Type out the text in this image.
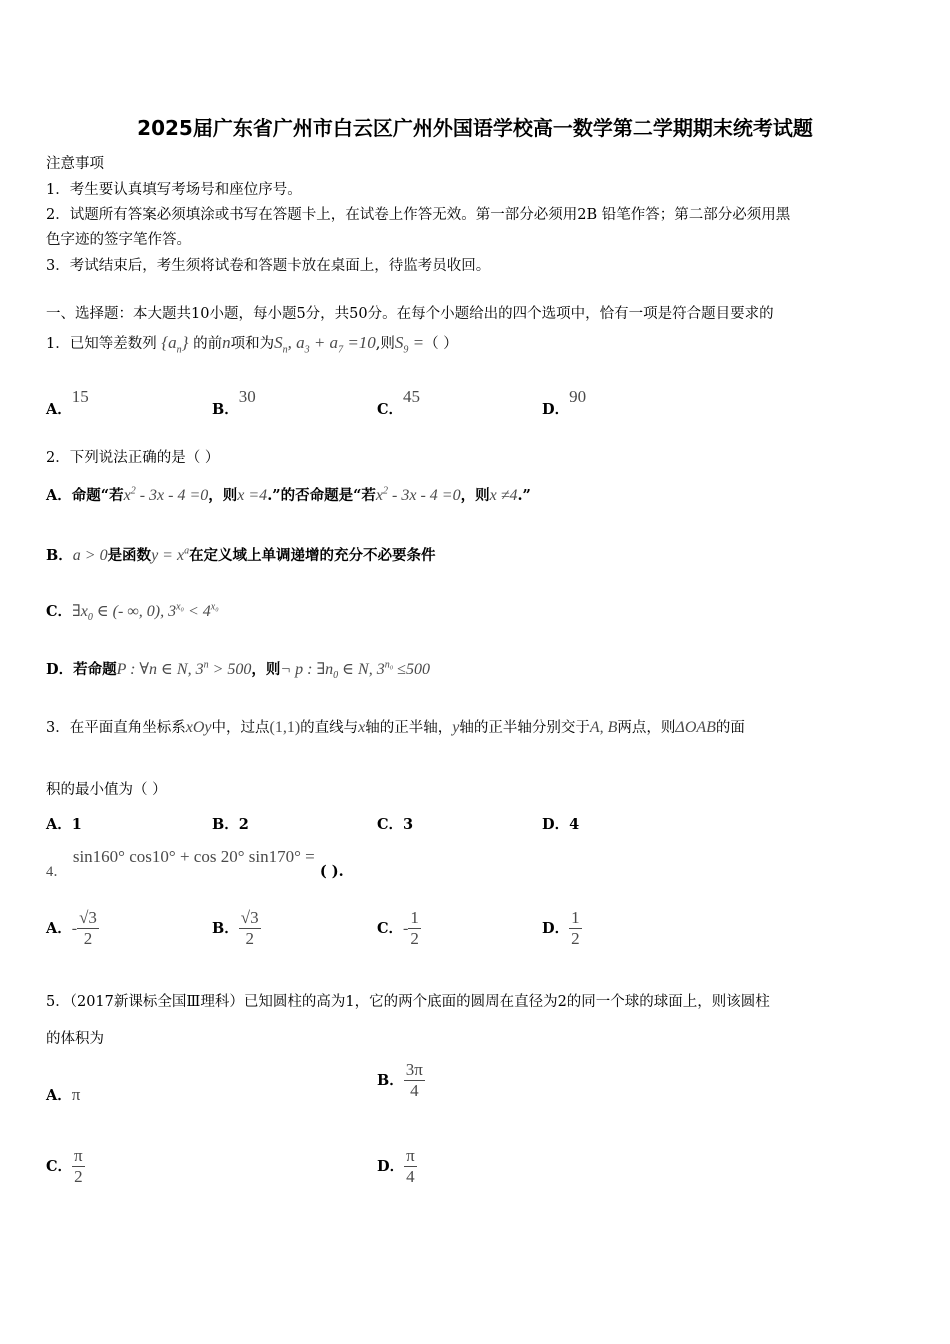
2025届广东省广州市白云区广州外国语学校高一数学第二学期期末统考试题
注意事项
1．考生要认真填写考场号和座位序号。
2．试题所有答案必须填涂或书写在答题卡上，在试卷上作答无效。第一部分必须用2B 铅笔作答；第二部分必须用黑
色字迹的签字笔作答。
3．考试结束后，考生须将试卷和答题卡放在桌面上，待监考员收回。
一、选择题：本大题共10小题，每小题5分，共50分。在每个小题给出的四个选项中，恰有一项是符合题目要求的
1．已知等差数列 $\{a_n\}$ 的前n项和为$S_n$, $a_3 + a_7 =10$,则$S_9$ =（ ）
A．15
B．30
C．45
D．90
2．下列说法正确的是（ ）
A．命题“若$x^2 - 3x - 4 =0$，则x =4.”的否命题是“若$x^2 - 3x - 4 =0$，则x ≠4.”
B．a > 0是函数$y = x^a$在定义域上单调递增的充分不必要条件
C．$\exists x_0$ ∈ (- ∞, 0), $3^{x_0} < 4^{x_0}$
D．若命题P : ∀n ∈ N, $3^n > 500$，则¬ p : $\exists n_0$ ∈ N, $3^{n_0} \le 500$
3．在平面直角坐标系xOy中，过点(1,1)的直线与x轴的正半轴，y轴的正半轴分别交于A, B两点，则ΔOAB的面
积的最小值为（ ）
A．1	B．2	C．3	D．4
4． sin160° cos10° + cos 20° sin170° = ( ).
A．- $\frac{√3}{2}$	B． $\frac{√3}{2}$	C．- $\frac{1}{2}$	D． $\frac{1}{2}$
5．（2017新课标全国Ⅲ理科）已知圆柱的高为1，它的两个底面的圆周在直径为2的同一个球的球面上，则该圆柱
的体积为
A．π
B． $\frac{3\pi}{4}$
C． $\frac{\pi}{2}$	D． $\frac{\pi}{4}$
